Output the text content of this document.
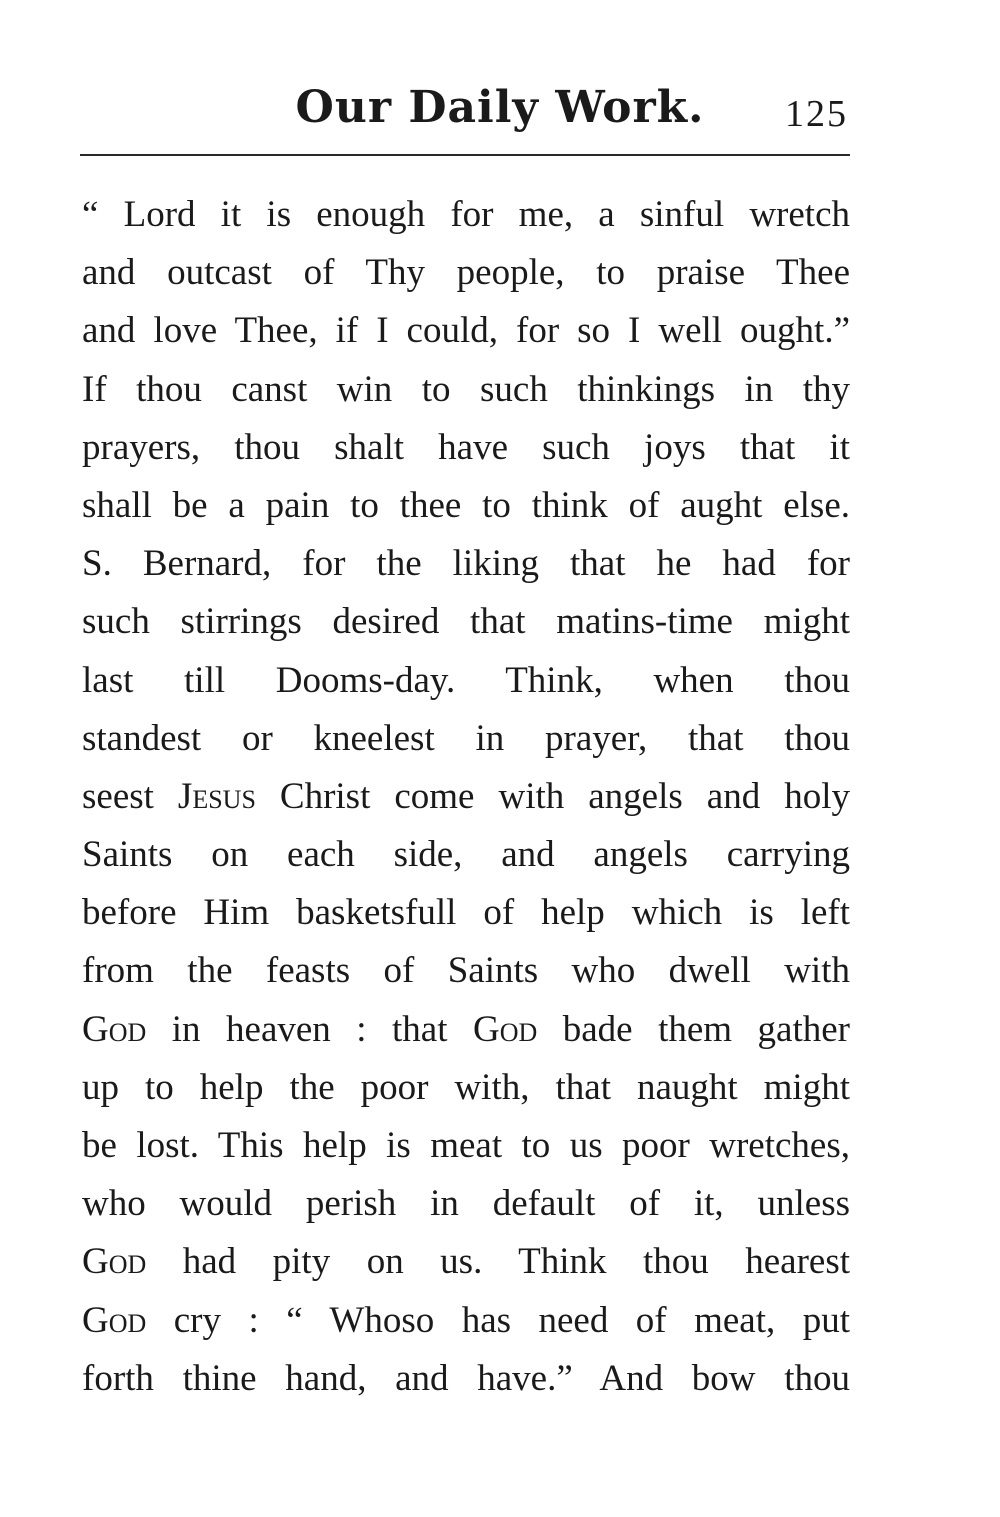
Our Daily Work.	125
“ Lord it is enough for me, a sinful wretch
and outcast of Thy people, to praise Thee
and love Thee, if I could, for so I well ought.”
If thou canst win to such thinkings in thy
prayers, thou shalt have such joys that it
shall be a pain to thee to think of aught else.
S. Bernard, for the liking that he had for
such stirrings desired that matins-time might
last till Dooms-day. Think, when thou
standest or kneelest in prayer, that thou
seest Jesus Christ come with angels and holy
Saints on each side, and angels carrying
before Him basketsfull of help which is left
from the feasts of Saints who dwell with
God in heaven : that God bade them gather
up to help the poor with, that naught might
be lost. This help is meat to us poor wretches,
who would perish in default of it, unless
God had pity on us. Think thou hearest
God cry : “ Whoso has need of meat, put
forth thine hand, and have.” And bow thou
